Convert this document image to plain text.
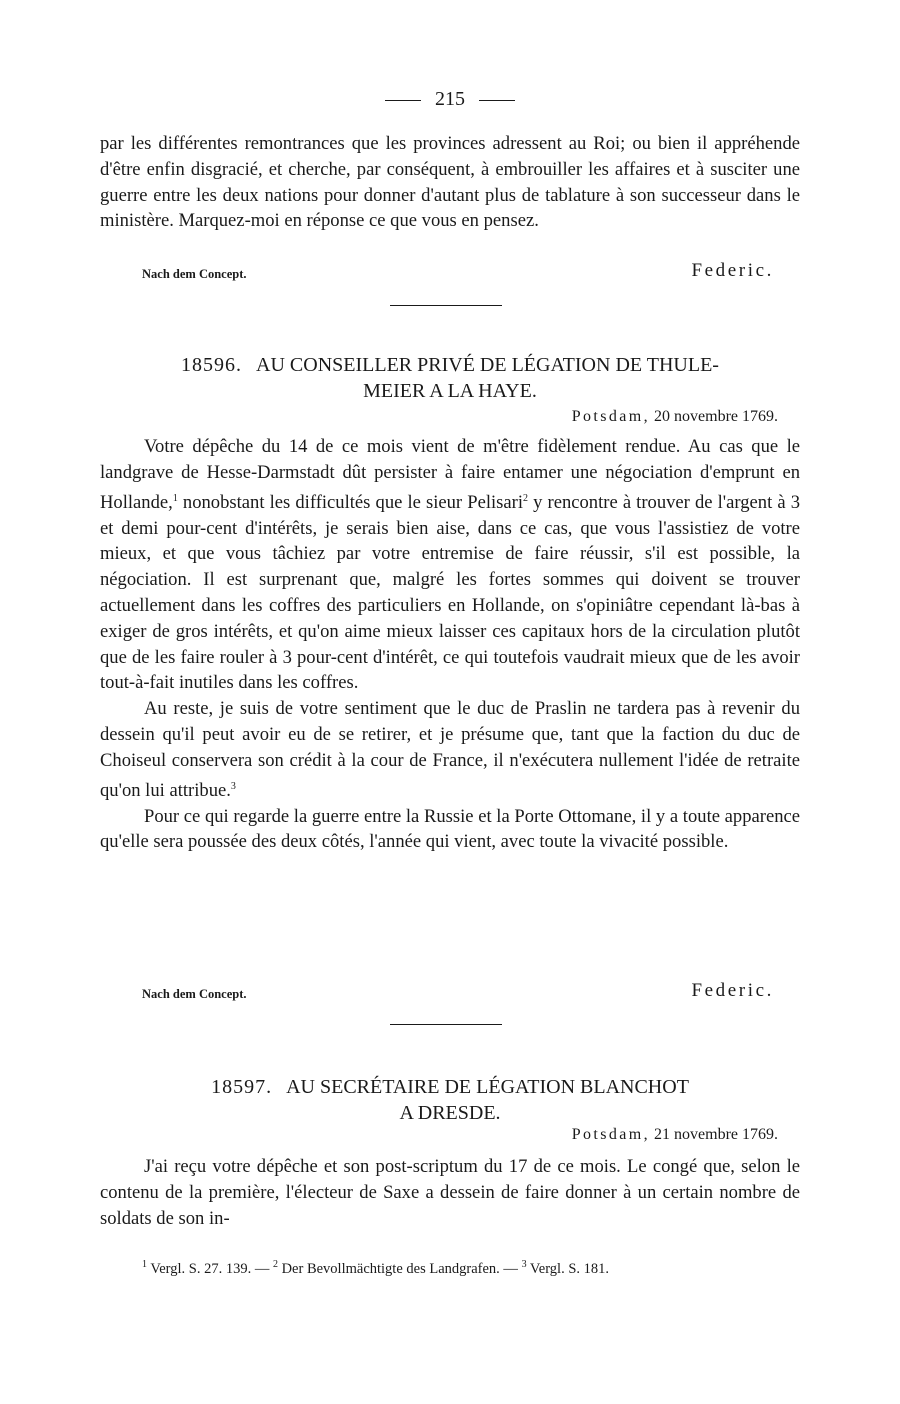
215

par les différentes remontrances que les provinces adressent au Roi; ou bien il appréhende d'être enfin disgracié, et cherche, par conséquent, à embrouiller les affaires et à susciter une guerre entre les deux nations pour donner d'autant plus de tablature à son successeur dans le ministère. Marquez-moi en réponse ce que vous en pensez.

Nach dem Concept.	Federic.
18596. AU CONSEILLER PRIVÉ DE LÉGATION DE THULE-
MEIER A LA HAYE.
Potsdam, 20 novembre 1769.

Votre dépêche du 14 de ce mois vient de m'être fidèlement rendue. Au cas que le landgrave de Hesse-Darmstadt dût persister à faire entamer une négociation d'emprunt en Hollande,$^1$ nonobstant les difficultés que le sieur Pelisari$^2$ y rencontre à trouver de l'argent à 3 et demi pour-cent d'intérêts, je serais bien aise, dans ce cas, que vous l'assistiez de votre mieux, et que vous tâchiez par votre entremise de faire réussir, s'il est possible, la négociation. Il est surprenant que, malgré les fortes sommes qui doivent se trouver actuellement dans les coffres des particuliers en Hollande, on s'opiniâtre cependant là-bas à exiger de gros intérêts, et qu'on aime mieux laisser ces capitaux hors de la circulation plutôt que de les faire rouler à 3 pour-cent d'intérêt, ce qui toutefois vaudrait mieux que de les avoir tout-à-fait inutiles dans les coffres.

Au reste, je suis de votre sentiment que le duc de Praslin ne tardera pas à revenir du dessein qu'il peut avoir eu de se retirer, et je présume que, tant que la faction du duc de Choiseul conservera son crédit à la cour de France, il n'exécutera nullement l'idée de retraite qu'on lui attribue.$^3$

Pour ce qui regarde la guerre entre la Russie et la Porte Ottomane, il y a toute apparence qu'elle sera poussée des deux côtés, l'année qui vient, avec toute la vivacité possible.

Nach dem Concept.	Federic.
18597. AU SECRÉTAIRE DE LÉGATION BLANCHOT
A DRESDE.
Potsdam, 21 novembre 1769.

J'ai reçu votre dépêche et son post-scriptum du 17 de ce mois. Le congé que, selon le contenu de la première, l'électeur de Saxe a dessein de faire donner à un certain nombre de soldats de son in-

$^1$ Vergl. S. 27. 139. — $^2$ Der Bevollmächtigte des Landgrafen. — $^3$ Vergl. S. 181.
